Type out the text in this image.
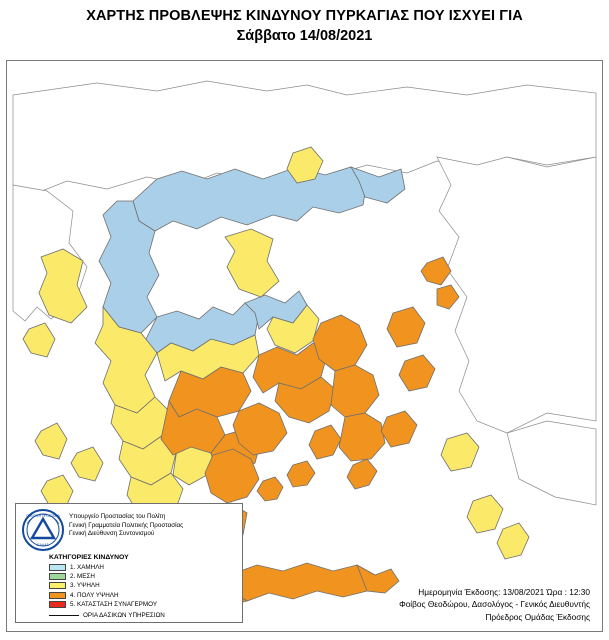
ΧΑΡΤΗΣ ΠΡΟΒΛΕΨΗΣ ΚΙΝΔΥΝΟΥ ΠΥΡΚΑΓΙΑΣ ΠΟΥ ΙΣΧΥΕΙ ΓΙΑ
Σάββατο 14/08/2021
ΠΟΛΙΤΙΚΗ ΠΡΟΣΤΑΣΙΑ
ΕΛΛΑΣ
Υπουργείο Προστασίας του Πολίτη
Γενική Γραμματεία Πολιτικής Προστασίας
Γενική Διεύθυνση Συντονισμού
ΚΑΤΗΓΟΡΙΕΣ ΚΙΝΔΥΝΟΥ
1. ΧΑΜΗΛΗ
2. ΜΕΣΗ
3. ΥΨΗΛΗ
4. ΠΟΛΥ ΥΨΗΛΗ
5. ΚΑΤΑΣΤΑΣΗ ΣΥΝΑΓΕΡΜΟΥ
ΟΡΙΑ ΔΑΣΙΚΩΝ ΥΠΗΡΕΣΙΩΝ
Ημερομηνία Έκδοσης: 13/08/2021 Ώρα : 12:30
Φοίβος Θεοδώρου, Δασολόγος - Γενικός Διευθυντής
Πρόεδρος Ομάδας Έκδοσης
